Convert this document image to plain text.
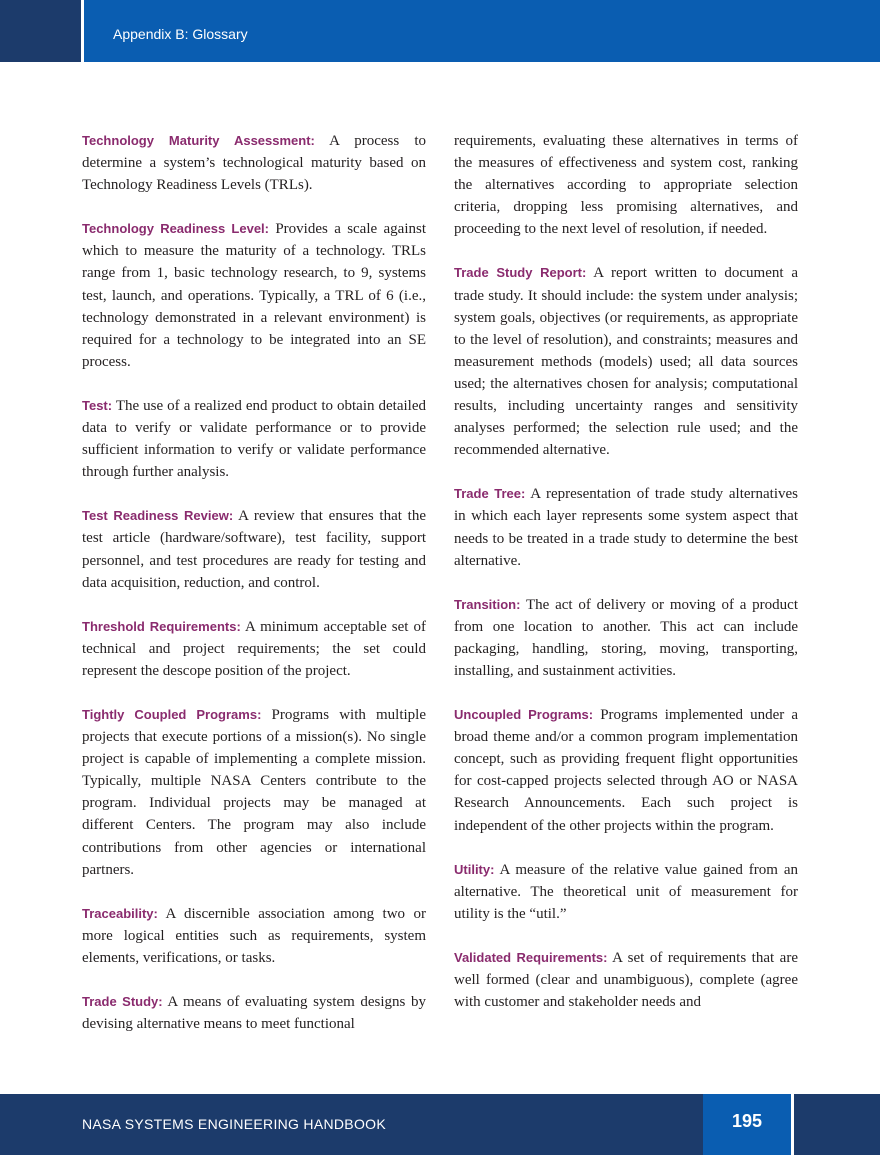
Appendix B: Glossary

Technology Maturity Assessment: A process to determine a system’s technological maturity based on Technology Readiness Levels (TRLs).

Technology Readiness Level: Provides a scale against which to measure the maturity of a technology. TRLs range from 1, basic technology research, to 9, systems test, launch, and operations. Typically, a TRL of 6 (i.e., technology demonstrated in a relevant environment) is required for a technology to be integrated into an SE process.

Test: The use of a realized end product to obtain detailed data to verify or validate performance or to provide sufficient information to verify or validate performance through further analysis.

Test Readiness Review: A review that ensures that the test article (hardware/software), test facility, support personnel, and test procedures are ready for testing and data acquisition, reduction, and control.

Threshold Requirements: A minimum acceptable set of technical and project requirements; the set could represent the descope position of the project.

Tightly Coupled Programs: Programs with multiple projects that execute portions of a mission(s). No single project is capable of implementing a complete mission. Typically, multiple NASA Centers contribute to the program. Individual projects may be managed at different Centers. The program may also include contributions from other agencies or international partners.

Traceability: A discernible association among two or more logical entities such as requirements, system elements, verifications, or tasks.

Trade Study: A means of evaluating system designs by devising alternative means to meet functional

requirements, evaluating these alternatives in terms of the measures of effectiveness and system cost, ranking the alternatives according to appropriate selection criteria, dropping less promising alternatives, and proceeding to the next level of resolution, if needed.

Trade Study Report: A report written to document a trade study. It should include: the system under analysis; system goals, objectives (or requirements, as appropriate to the level of resolution), and constraints; measures and measurement methods (models) used; all data sources used; the alternatives chosen for analysis; computational results, including uncertainty ranges and sensitivity analyses performed; the selection rule used; and the recommended alternative.

Trade Tree: A representation of trade study alternatives in which each layer represents some system aspect that needs to be treated in a trade study to determine the best alternative.

Transition: The act of delivery or moving of a product from one location to another. This act can include packaging, handling, storing, moving, transporting, installing, and sustainment activities.

Uncoupled Programs: Programs implemented under a broad theme and/or a common program implementation concept, such as providing frequent flight opportunities for cost-capped projects selected through AO or NASA Research Announcements. Each such project is independent of the other projects within the program.

Utility: A measure of the relative value gained from an alternative. The theoretical unit of measurement for utility is the “util.”

Validated Requirements: A set of requirements that are well formed (clear and unambiguous), complete (agree with customer and stakeholder needs and

NASA SYSTEMS ENGINEERING HANDBOOK	195
